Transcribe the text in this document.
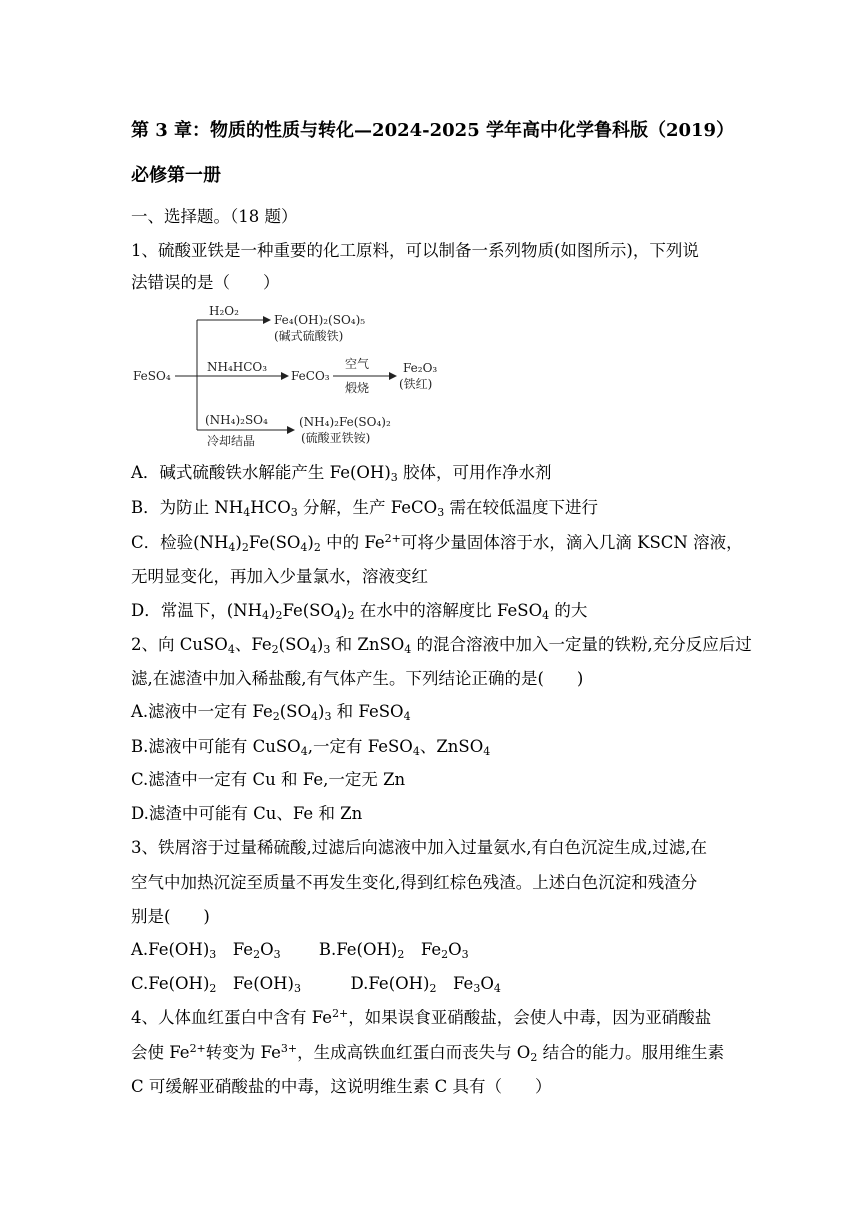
第 3 章：物质的性质与转化—2024-2025 学年高中化学鲁科版（2019）
必修第一册
一、选择题。（18 题）
1、硫酸亚铁是一种重要的化工原料，可以制备一系列物质(如图所示)，下列说
法错误的是（　　）
FeSO₄
H₂O₂
Fe₄(OH)₂(SO₄)₅
(碱式硫酸铁)
NH₄HCO₃
FeCO₃
空气
煅烧
Fe₂O₃
(铁红)
(NH₄)₂SO₄
冷却结晶
(NH₄)₂Fe(SO₄)₂
(硫酸亚铁铵)
A．碱式硫酸铁水解能产生 $Fe(OH)_3$ 胶体，可用作净水剂
B．为防止 $NH_4HCO_3$ 分解，生产 FeCO$_3$ 需在较低温度下进行
C．检验$(NH_4)_2Fe(SO_4)_2$ 中的 $Fe^{2+}$可将少量固体溶于水，滴入几滴 KSCN 溶液，
无明显变化，再加入少量氯水，溶液变红
D．常温下，$(NH_4)_2Fe(SO_4)_2$ 在水中的溶解度比 FeSO$_4$ 的大
2、向 CuSO$_4$、$Fe_2(SO_4)_3$ 和 ZnSO$_4$ 的混合溶液中加入一定量的铁粉,充分反应后过
滤,在滤渣中加入稀盐酸,有气体产生。下列结论正确的是(　　)
A.滤液中一定有 $Fe_2(SO_4)_3$ 和 FeSO$_4$
B.滤液中可能有 CuSO$_4$,一定有 FeSO$_4$、ZnSO$_4$
C.滤渣中一定有 Cu 和 Fe,一定无 Zn
D.滤渣中可能有 Cu、Fe 和 Zn
3、铁屑溶于过量稀硫酸,过滤后向滤液中加入过量氨水,有白色沉淀生成,过滤,在
空气中加热沉淀至质量不再发生变化,得到红棕色残渣。上述白色沉淀和残渣分
别是(　　)
$A.Fe(OH)_3$　$Fe_2O_3$　　 $B.Fe(OH)_2$　$Fe_2O_3$
$C.Fe(OH)_2$　$Fe(OH)_3$　　　$D.Fe(OH)_2$　$Fe_3O_4$
4、人体血红蛋白中含有 $Fe^{2+}$，如果误食亚硝酸盐，会使人中毒，因为亚硝酸盐
会使 $Fe^{2+}$转变为 $Fe^{3+}$，生成高铁血红蛋白而丧失与 $O_2$ 结合的能力。服用维生素
C 可缓解亚硝酸盐的中毒，这说明维生素 C 具有（　　）
